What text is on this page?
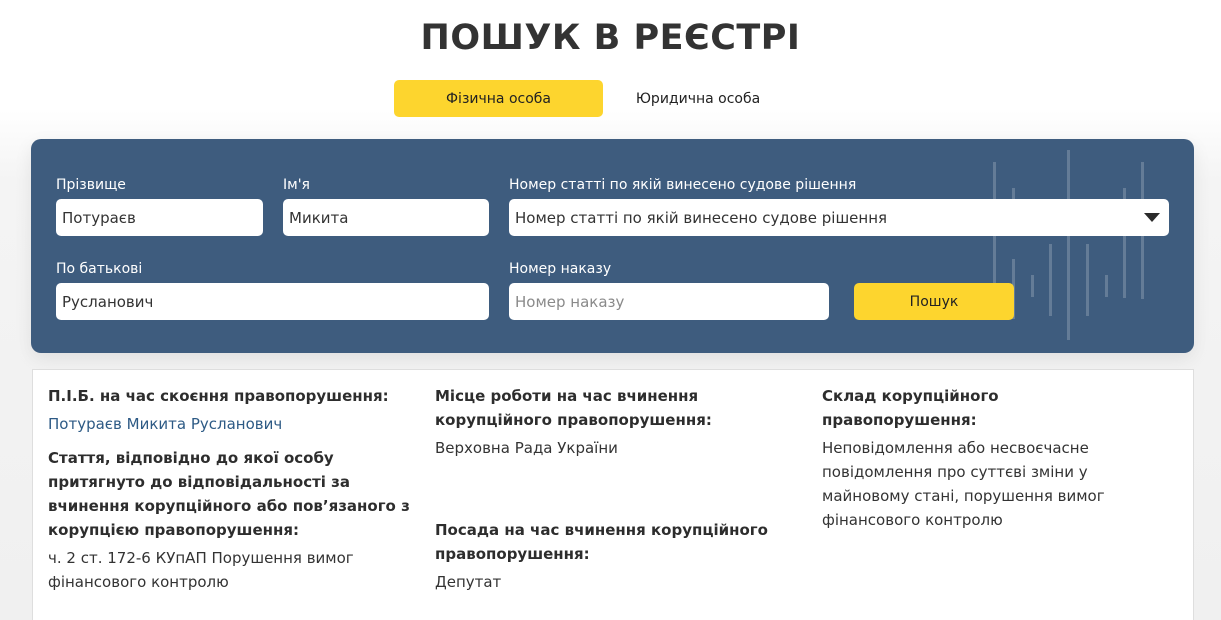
ПОШУК В РЕЄСТРІ
Фізична особа	Юридична особа
Прізвище
Потураєв
Ім'я
Микита
Номер статті по якій винесено судове рішення
Номер статті по якій винесено судове рішення
По батькові
Русланович
Номер наказу
Номер наказу	Пошук
П.І.Б. на час скоєння правопорушення:
Потураєв Микита Русланович
Стаття, відповідно до якої особу притягнуто до відповідальності за вчинення корупційного або пов’язаного з корупцією правопорушення:
ч. 2 ст. 172-6 КУпАП Порушення вимог фінансового контролю
Місце роботи на час вчинення корупційного правопорушення:
Верховна Рада України
Посада на час вчинення корупційного правопорушення:
Депутат
Склад корупційного правопорушення:
Неповідомлення або несвоєчасне повідомлення про суттєві зміни у майновому стані, порушення вимог фінансового контролю
